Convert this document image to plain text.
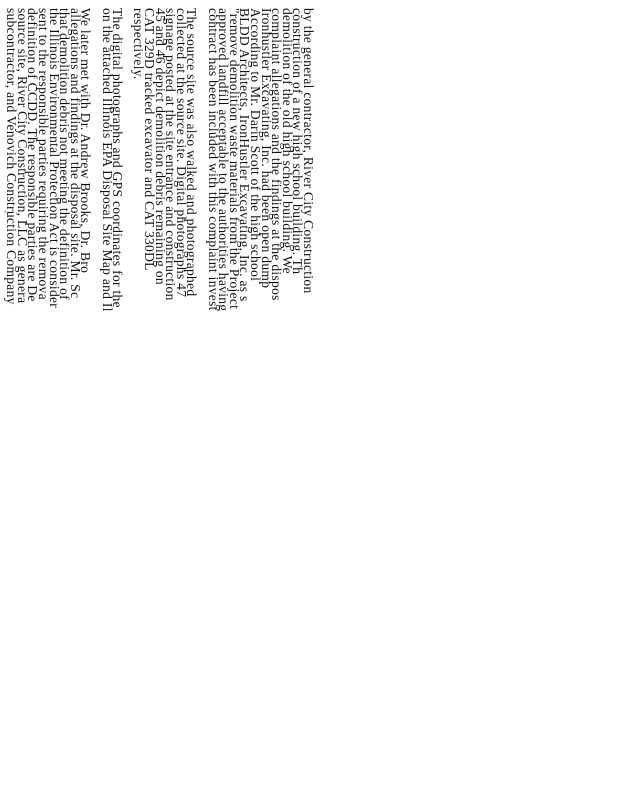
by the general contractor, River City Construction
construction of a new high school building. Th
demolition of the old high school building. We
complaint allegations and the findings at the dispos
Ironhustler Excavating, Inc. had been open dump
According to Mr. Darin Scott of the high school
BLDD Architects, IronHustler Excavating, Inc. as s
"remove demolition waste materials from the Project
approved landfill acceptable to the authorities having
contract has been included with this complaint invest
The source site was also walked and photographed
collected at the source site. Digital photographs 47
signage posted at the site entrance and construction
45 and 46 depict demolition debris remaining on
CAT 329D tracked excavator and CAT 330DL
respectively.
The digital photographs and GPS coordinates for the
on the attached Illinois EPA Disposal Site Map and Il
We later met with Dr. Andrew Brooks, Dr. Bro
allegations and findings at the disposal site. Mr. Sc
that demolition debris not meeting the definition of
the Illinois Environmental Protection Act is consider
sent to the responsible parties requiring the remova
definition of CCDD. The responsible parties are De
source site, River City Construction, LLC as genera
subcontractor, and Venovich Construction Company
